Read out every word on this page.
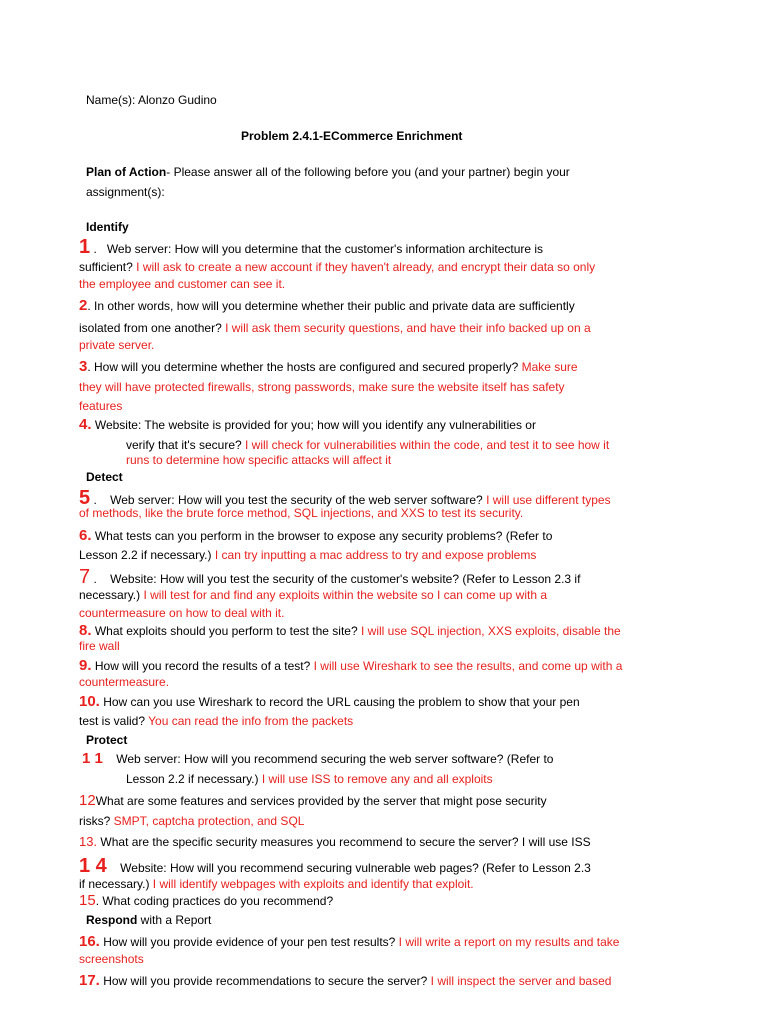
Name(s): Alonzo Gudino
Problem 2.4.1-ECommerce Enrichment
Plan of Action- Please answer all of the following before you (and your partner) begin your
assignment(s):
Identify
1 . Web server: How will you determine that the customer's information architecture is
sufficient? I will ask to create a new account if they haven't already, and encrypt their data so only
the employee and customer can see it.
2. In other words, how will you determine whether their public and private data are sufficiently
isolated from one another? I will ask them security questions, and have their info backed up on a
private server.
3. How will you determine whether the hosts are configured and secured properly? Make sure
they will have protected firewalls, strong passwords, make sure the website itself has safety
features
4. Website: The website is provided for you; how will you identify any vulnerabilities or
verify that it's secure? I will check for vulnerabilities within the code, and test it to see how it
runs to determine how specific attacks will affect it
Detect
5 . Web server: How will you test the security of the web server software? I will use different types
of methods, like the brute force method, SQL injections, and XXS to test its security.
6. What tests can you perform in the browser to expose any security problems? (Refer to
Lesson 2.2 if necessary.) I can try inputting a mac address to try and expose problems
7 . Website: How will you test the security of the customer's website? (Refer to Lesson 2.3 if
necessary.) I will test for and find any exploits within the website so I can come up with a
countermeasure on how to deal with it.
8. What exploits should you perform to test the site? I will use SQL injection, XXS exploits, disable the
fire wall
9. How will you record the results of a test? I will use Wireshark to see the results, and come up with a
countermeasure.
10. How can you use Wireshark to record the URL causing the problem to show that your pen
test is valid? You can read the info from the packets
Protect
1 1 Web server: How will you recommend securing the web server software? (Refer to
Lesson 2.2 if necessary.) I will use ISS to remove any and all exploits
12What are some features and services provided by the server that might pose security
risks? SMPT, captcha protection, and SQL
13. What are the specific security measures you recommend to secure the server? I will use ISS
1 4 Website: How will you recommend securing vulnerable web pages? (Refer to Lesson 2.3
if necessary.) I will identify webpages with exploits and identify that exploit.
15. What coding practices do you recommend?
Respond with a Report
16. How will you provide evidence of your pen test results? I will write a report on my results and take
screenshots
17. How will you provide recommendations to secure the server? I will inspect the server and based
